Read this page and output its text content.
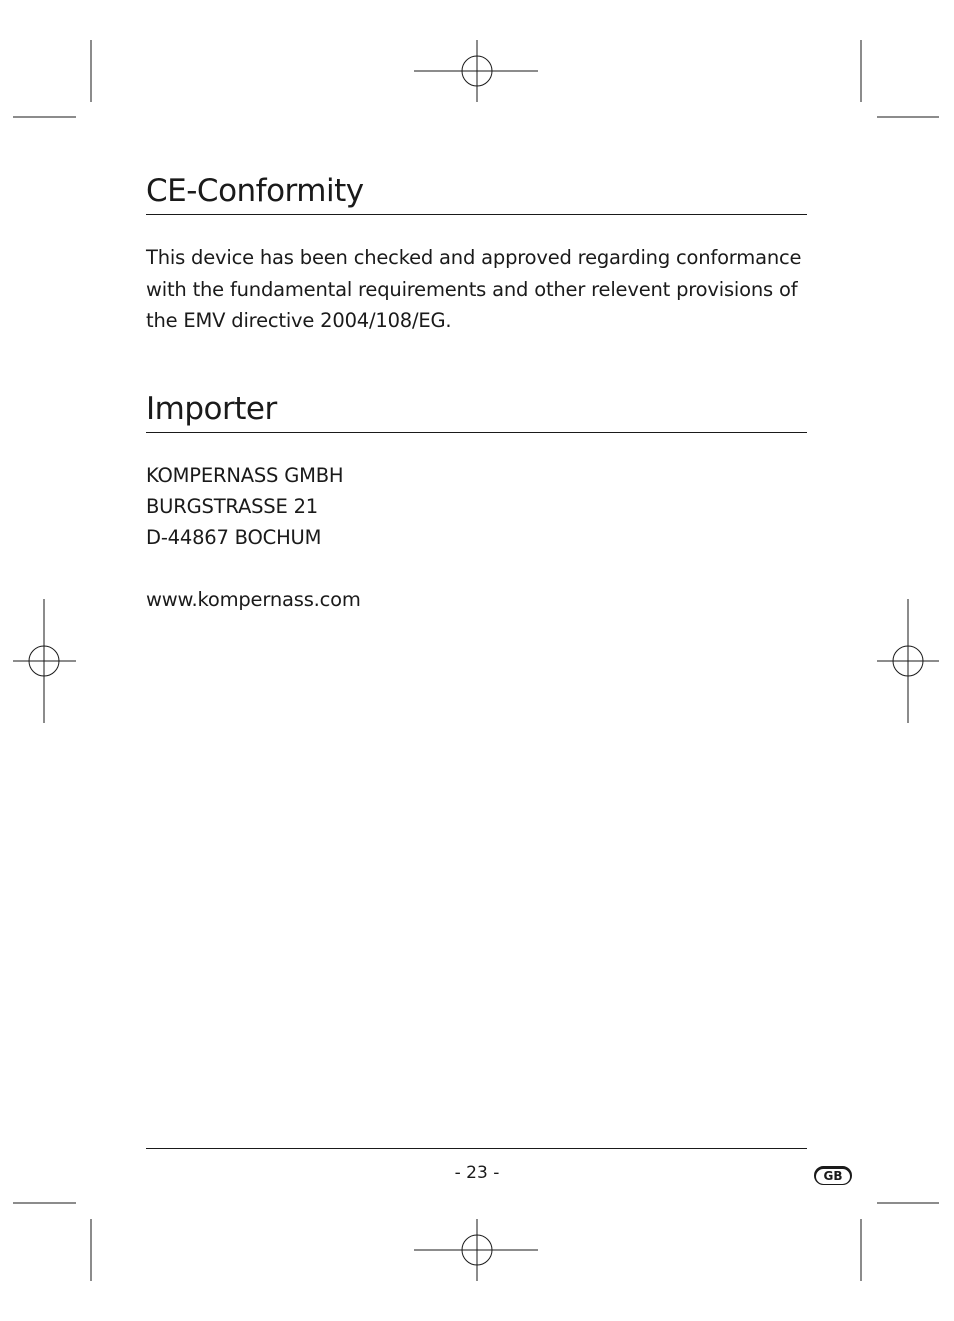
CE-Conformity

This device has been checked and approved regarding conformance with the fundamental requirements and other relevent provisions of the EMV directive 2004/108/EG.

Importer
KOMPERNASS GMBH
BURGSTRASSE 21
D-44867 BOCHUM

www.kompernass.com

- 23 -	GB
